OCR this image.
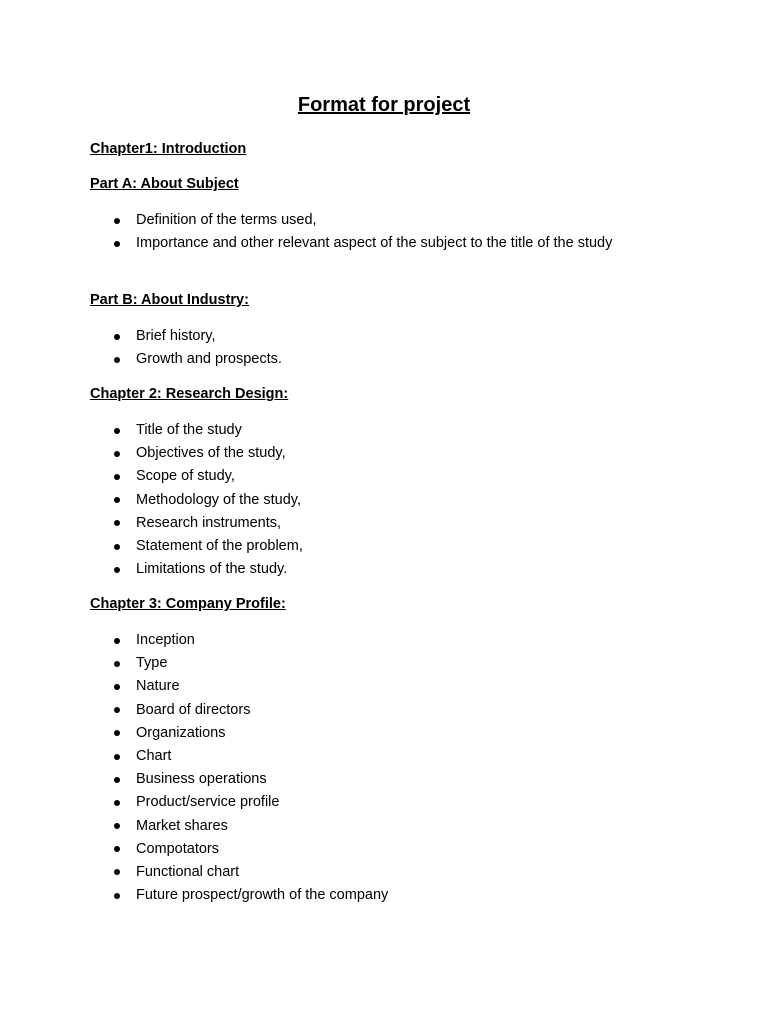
Format for project

Chapter1: Introduction

Part A: About Subject

Definition of the terms used,
Importance and other relevant aspect of the subject to the title of the study

Part B: About Industry:

Brief history,
Growth and prospects.

Chapter 2: Research Design:

Title of the study
Objectives of the study,
Scope of study,
Methodology of the study,
Research instruments,
Statement of the problem,
Limitations of the study.

Chapter 3: Company Profile:

Inception
Type
Nature
Board of directors
Organizations
Chart
Business operations
Product/service profile
Market shares
Compotators
Functional chart
Future prospect/growth of the company
